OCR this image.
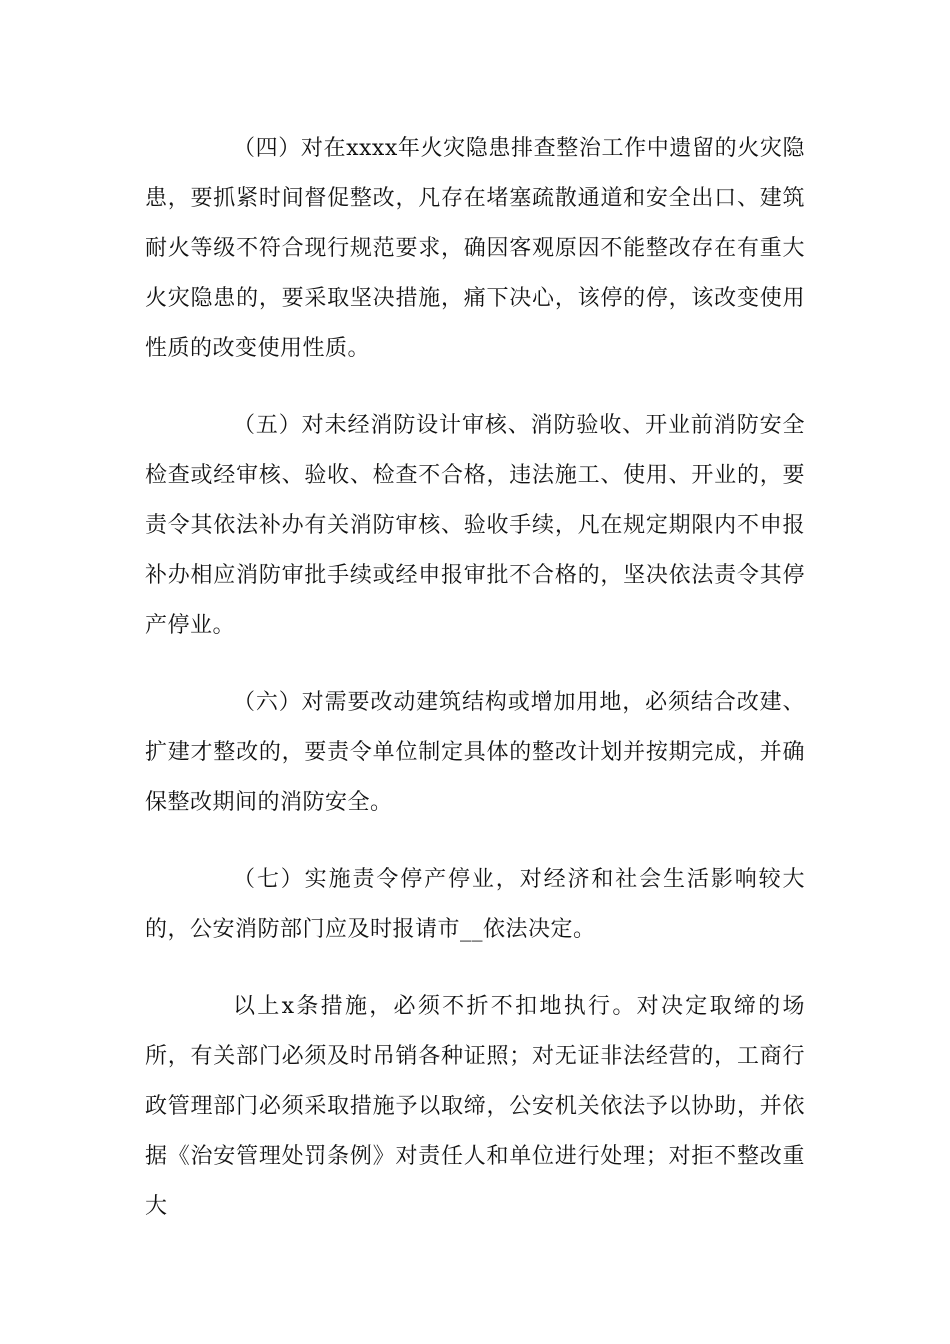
（四）对在xxxx年火灾隐患排查整治工作中遗留的火灾隐患，要抓紧时间督促整改，凡存在堵塞疏散通道和安全出口、建筑耐火等级不符合现行规范要求，确因客观原因不能整改存在有重大火灾隐患的，要采取坚决措施，痛下决心，该停的停，该改变使用性质的改变使用性质。

（五）对未经消防设计审核、消防验收、开业前消防安全检查或经审核、验收、检查不合格，违法施工、使用、开业的，要责令其依法补办有关消防审核、验收手续，凡在规定期限内不申报补办相应消防审批手续或经申报审批不合格的，坚决依法责令其停产停业。

（六）对需要改动建筑结构或增加用地，必须结合改建、扩建才整改的，要责令单位制定具体的整改计划并按期完成，并确保整改期间的消防安全。

（七）实施责令停产停业，对经济和社会生活影响较大的，公安消防部门应及时报请市__依法决定。

以上x条措施，必须不折不扣地执行。对决定取缔的场所，有关部门必须及时吊销各种证照；对无证非法经营的，工商行政管理部门必须采取措施予以取缔，公安机关依法予以协助，并依据《治安管理处罚条例》对责任人和单位进行处理；对拒不整改重大
